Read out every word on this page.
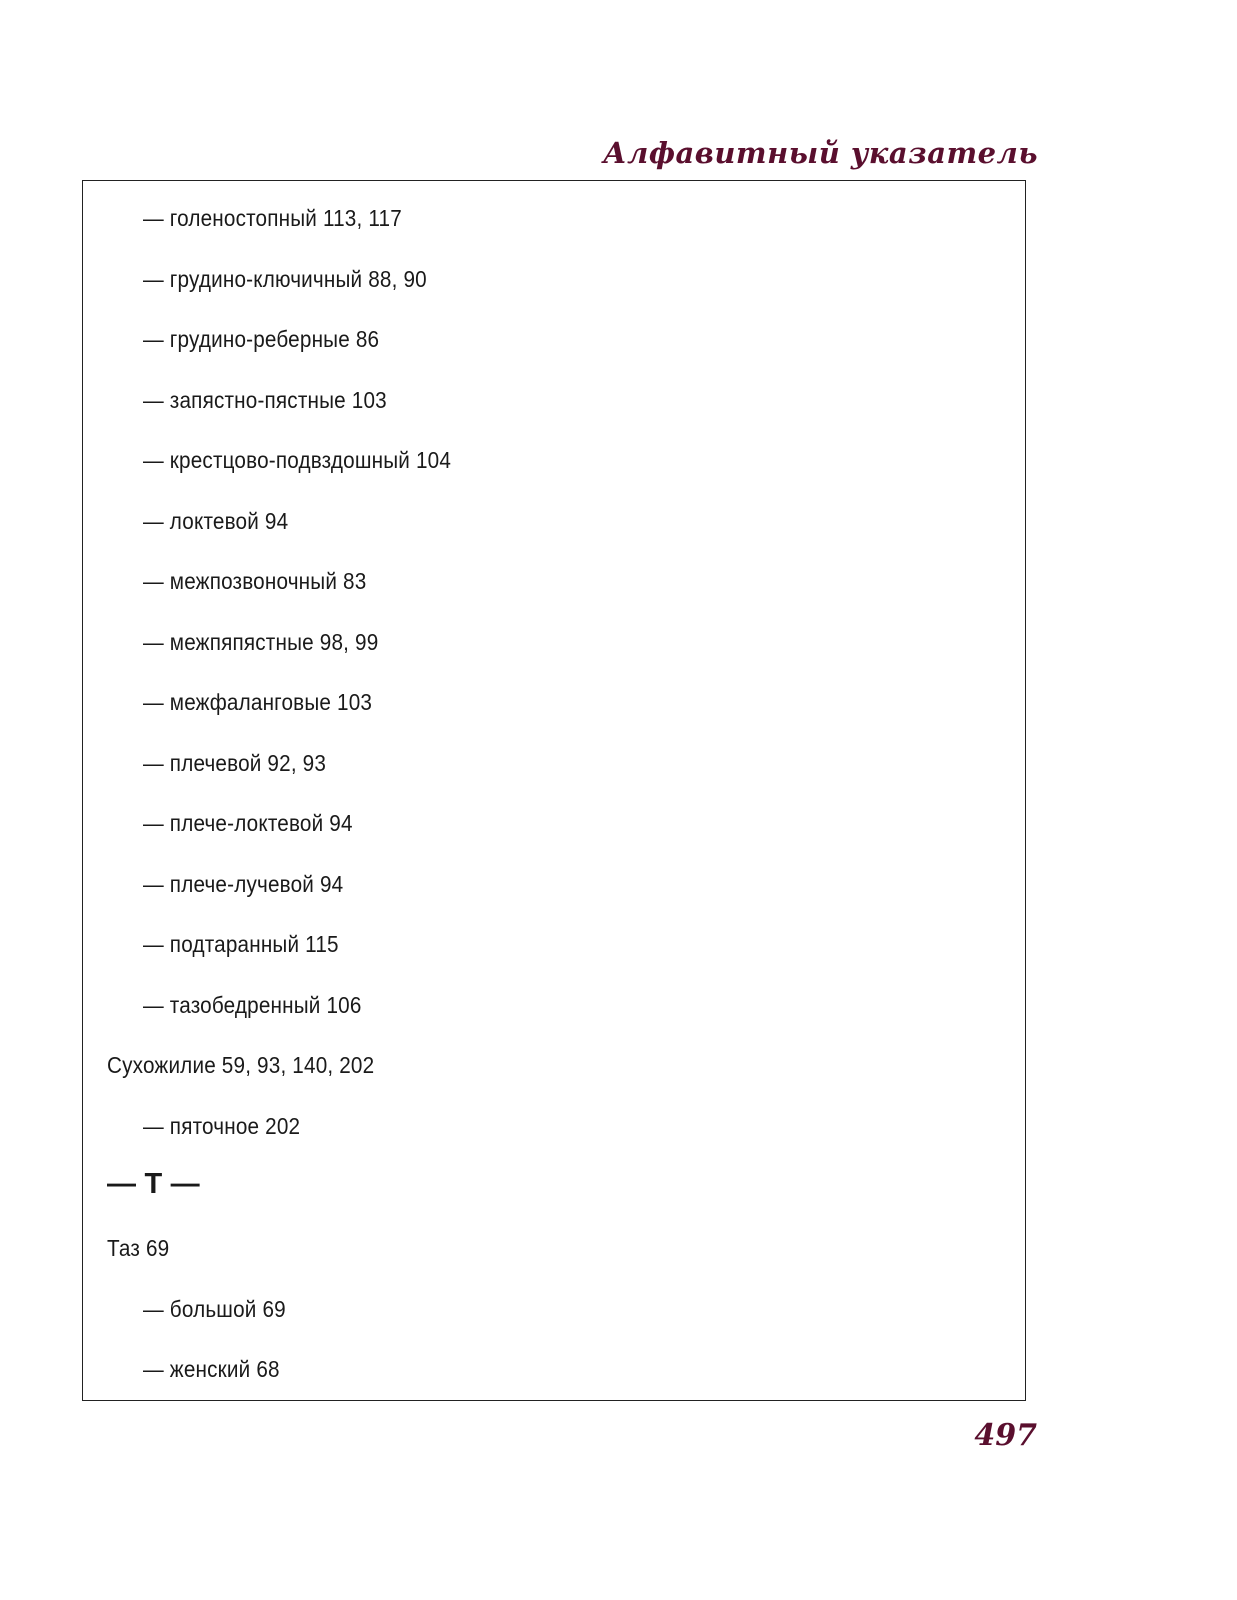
Алфавитный указатель
— голеностопный 113, 117
— грудино-ключичный 88, 90
— грудино-реберные 86
— запястно-пястные 103
— крестцово-подвздошный 104
— локтевой 94
— межпозвоночный 83
— межпяпястные 98, 99
— межфаланговые 103
— плечевой 92, 93
— плече-локтевой 94
— плече-лучевой 94
— подтаранный 115
— тазобедренный 106
Сухожилие 59, 93, 140, 202
— пяточное 202
— Т —
Таз 69
— большой 69
— женский 68
497
